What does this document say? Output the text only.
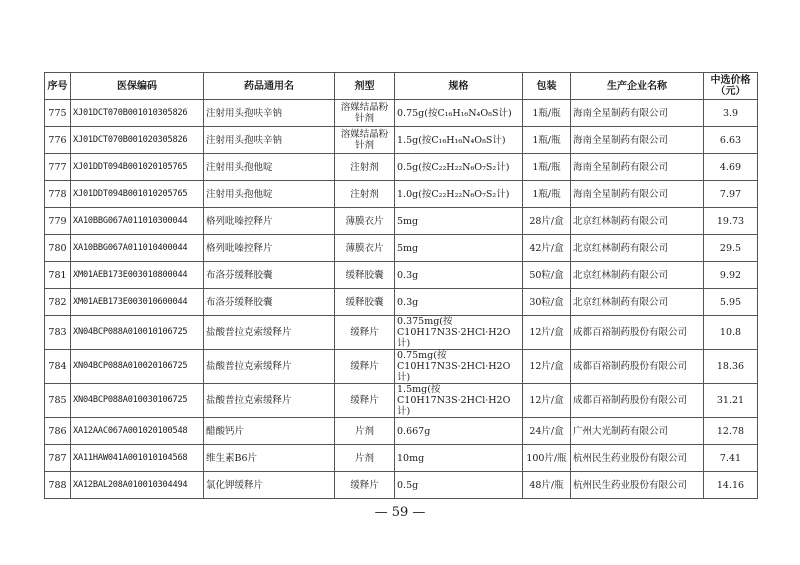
序号	医保编码	药品通用名	剂型	规格	包装	生产企业名称	中选价格（元）
775	XJ01DCT070B001010305826	注射用头孢呋辛钠	溶媒结晶粉针剂	0.75g(按C₁₆H₁₆N₄O₈S计)	1瓶/瓶	海南全星制药有限公司	3.9
776	XJ01DCT070B001020305826	注射用头孢呋辛钠	溶媒结晶粉针剂	1.5g(按C₁₆H₁₆N₄O₈S计)	1瓶/瓶	海南全星制药有限公司	6.63
777	XJ01DDT094B001020105765	注射用头孢他啶	注射剂	0.5g(按C₂₂H₂₂N₆O₇S₂计)	1瓶/瓶	海南全星制药有限公司	4.69
778	XJ01DDT094B001010205765	注射用头孢他啶	注射剂	1.0g(按C₂₂H₂₂N₆O₇S₂计)	1瓶/瓶	海南全星制药有限公司	7.97
779	XA10BBG067A011010300044	格列吡嗪控释片	薄膜衣片	5mg	28片/盒	北京红林制药有限公司	19.73
780	XA10BBG067A011010400044	格列吡嗪控释片	薄膜衣片	5mg	42片/盒	北京红林制药有限公司	29.5
781	XM01AEB173E003010800044	布洛芬缓释胶囊	缓释胶囊	0.3g	50粒/盒	北京红林制药有限公司	9.92
782	XM01AEB173E003010600044	布洛芬缓释胶囊	缓释胶囊	0.3g	30粒/盒	北京红林制药有限公司	5.95
783	XN04BCP088A010010106725	盐酸普拉克索缓释片	缓释片	0.375mg(按C10H17N3S·2HCl·H2O计)	12片/盒	成都百裕制药股份有限公司	10.8
784	XN04BCP088A010020106725	盐酸普拉克索缓释片	缓释片	0.75mg(按C10H17N3S·2HCl·H2O计)	12片/盒	成都百裕制药股份有限公司	18.36
785	XN04BCP088A010030106725	盐酸普拉克索缓释片	缓释片	1.5mg(按C10H17N3S·2HCl·H2O计)	12片/盒	成都百裕制药股份有限公司	31.21
786	XA12AAC067A001020100548	醋酸钙片	片剂	0.667g	24片/盒	广州大光制药有限公司	12.78
787	XA11HAW041A001010104568	维生素B6片	片剂	10mg	100片/瓶	杭州民生药业股份有限公司	7.41
788	XA12BAL208A010010304494	氯化钾缓释片	缓释片	0.5g	48片/瓶	杭州民生药业股份有限公司	14.16
— 59 —
